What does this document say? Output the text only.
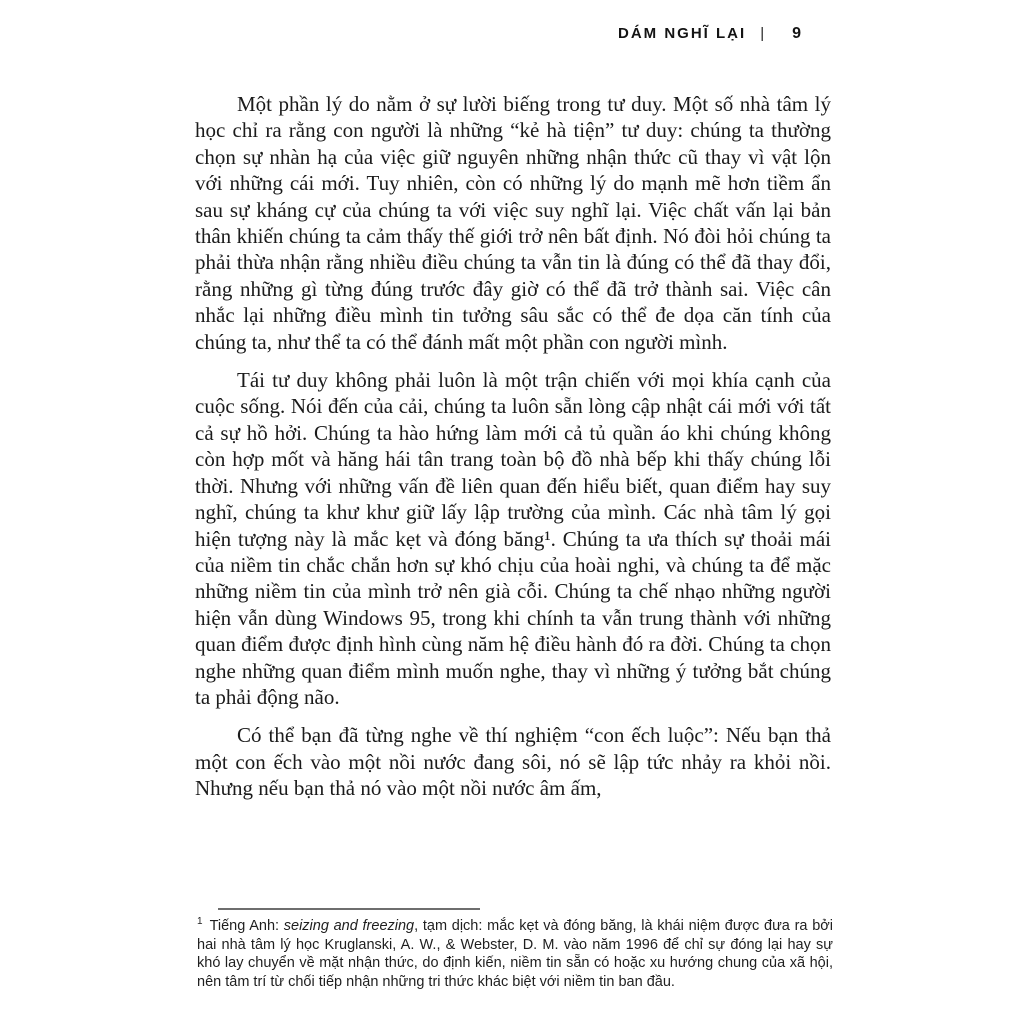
DÁM NGHĨ LẠI | 9

Một phần lý do nằm ở sự lười biếng trong tư duy. Một số nhà tâm lý học chỉ ra rằng con người là những “kẻ hà tiện” tư duy: chúng ta thường chọn sự nhàn hạ của việc giữ nguyên những nhận thức cũ thay vì vật lộn với những cái mới. Tuy nhiên, còn có những lý do mạnh mẽ hơn tiềm ẩn sau sự kháng cự của chúng ta với việc suy nghĩ lại. Việc chất vấn lại bản thân khiến chúng ta cảm thấy thế giới trở nên bất định. Nó đòi hỏi chúng ta phải thừa nhận rằng nhiều điều chúng ta vẫn tin là đúng có thể đã thay đổi, rằng những gì từng đúng trước đây giờ có thể đã trở thành sai. Việc cân nhắc lại những điều mình tin tưởng sâu sắc có thể đe dọa căn tính của chúng ta, như thể ta có thể đánh mất một phần con người mình.

Tái tư duy không phải luôn là một trận chiến với mọi khía cạnh của cuộc sống. Nói đến của cải, chúng ta luôn sẵn lòng cập nhật cái mới với tất cả sự hồ hởi. Chúng ta hào hứng làm mới cả tủ quần áo khi chúng không còn hợp mốt và hăng hái tân trang toàn bộ đồ nhà bếp khi thấy chúng lỗi thời. Nhưng với những vấn đề liên quan đến hiểu biết, quan điểm hay suy nghĩ, chúng ta khư khư giữ lấy lập trường của mình. Các nhà tâm lý gọi hiện tượng này là mắc kẹt và đóng băng¹. Chúng ta ưa thích sự thoải mái của niềm tin chắc chắn hơn sự khó chịu của hoài nghi, và chúng ta để mặc những niềm tin của mình trở nên già cỗi. Chúng ta chế nhạo những người hiện vẫn dùng Windows 95, trong khi chính ta vẫn trung thành với những quan điểm được định hình cùng năm hệ điều hành đó ra đời. Chúng ta chọn nghe những quan điểm mình muốn nghe, thay vì những ý tưởng bắt chúng ta phải động não.

Có thể bạn đã từng nghe về thí nghiệm “con ếch luộc”: Nếu bạn thả một con ếch vào một nồi nước đang sôi, nó sẽ lập tức nhảy ra khỏi nồi. Nhưng nếu bạn thả nó vào một nồi nước âm ấm,

$^1$ Tiếng Anh: seizing and freezing, tạm dịch: mắc kẹt và đóng băng, là khái niệm được đưa ra bởi hai nhà tâm lý học Kruglanski, A. W., & Webster, D. M. vào năm 1996 để chỉ sự đóng lại hay sự khó lay chuyển về mặt nhận thức, do định kiến, niềm tin sẵn có hoặc xu hướng chung của xã hội, nên tâm trí từ chối tiếp nhận những tri thức khác biệt với niềm tin ban đầu.
